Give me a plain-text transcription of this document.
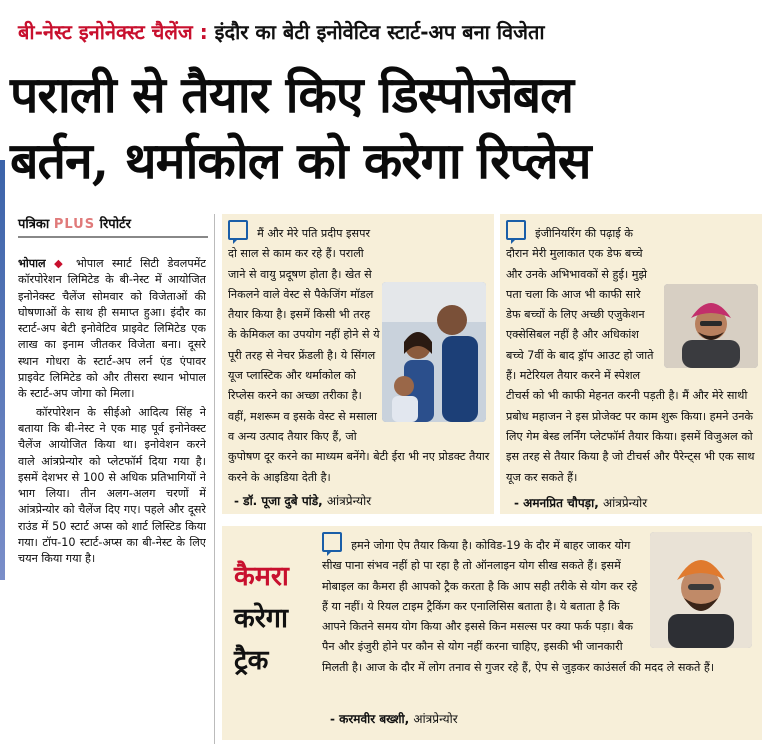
बी-नेस्ट इनोनेक्स्ट चैलेंज : इंदौर का बेटी इनोवेटिव स्टार्ट-अप बना विजेता
पराली से तैयार किए डिस्पोजेबल
बर्तन, थर्माकोल को करेगा रिप्लेस
पत्रिका PLUS रिपोर्टर

भोपाल ◆ भोपाल स्मार्ट सिटी डेवलपमेंट कॉरपोरेशन लिमिटेड के बी-नेस्ट में आयोजित इनोनेक्स्ट चैलेंज सोमवार को विजेताओं की घोषणाओं के साथ ही समाप्त हुआ। इंदौर का स्टार्ट-अप बेटी इनोवेटिव प्राइवेट लिमिटेड एक लाख का इनाम जीतकर विजेता बना। दूसरे स्थान गोधरा के स्टार्ट-अप लर्न एंड एंपावर प्राइवेट लिमिटेड को और तीसरा स्थान भोपाल के स्टार्ट-अप जोगा को मिला।

कॉरपोरेशन के सीईओ आदित्य सिंह ने बताया कि बी-नेस्ट ने एक माह पूर्व इनोनेक्स्ट चैलेंज आयोजित किया था। इनोवेशन करने वाले आंत्रप्रेन्योर को प्लेटफॉर्म दिया गया है। इसमें देशभर से 100 से अधिक प्रतिभागियों ने भाग लिया। तीन अलग-अलग चरणों में आंत्रप्रेन्योर को चैलेंज दिए गए। पहले और दूसरे राउंड में 50 स्टार्ट अप्स को शार्ट लिस्टिड किया गया। टॉप-10 स्टार्ट-अप्स का बी-नेस्ट के लिए चयन किया गया है।

मैं और मेरे पति प्रदीप इसपर दो साल से काम कर रहे हैं। पराली जाने से वायु प्रदूषण होता है। खेत से निकलने वाले वेस्ट से पैकेजिंग मॉडल तैयार किया है। इसमें किसी भी तरह के केमिकल का उपयोग नहीं होने से ये पूरी तरह से नेचर फ्रेंडली है। ये सिंगल यूज प्लास्टिक और थर्माकोल को रिप्लेस करने का अच्छा तरीका है। वहीं, मशरूम व इसके वेस्ट से मसाला व अन्य उत्पाद तैयार किए हैं, जो कुपोषण दूर करने का माध्यम बनेंगे। बेटी ईरा भी नए प्रोडक्ट तैयार करने के आइडिया देती है।
- डॉ. पूजा दुबे पांडे, आंत्रप्रेन्योर
इंजीनियरिंग की पढ़ाई के दौरान मेरी मुलाकात एक डेफ बच्चे और उनके अभिभावकों से हुई। मुझे पता चला कि आज भी काफी सारे डेफ बच्चों के लिए अच्छी एजुकेशन एक्सेसिबल नहीं है और अधिकांश बच्चे 7वीं के बाद ड्रॉप आउट हो जाते हैं। मटेरियल तैयार करने में स्पेशल टीचर्स को भी काफी मेहनत करनी पड़ती है। मैं और मेरे साथी प्रबोध महाजन ने इस प्रोजेक्ट पर काम शुरू किया। हमने उनके लिए गेम बेस्ड लर्निंग प्लेटफॉर्म तैयार किया। इसमें विजुअल को इस तरह से तैयार किया है जो टीचर्स और पैरेन्ट्स भी एक साथ यूज कर सकते हैं।
- अमनप्रित चौपड़ा, आंत्रप्रेन्योर
कैमरा
करेगा
ट्रैक
हमने जोगा ऐप तैयार किया है। कोविड-19 के दौर में बाहर जाकर योग सीख पाना संभव नहीं हो पा रहा है तो ऑनलाइन योग सीख सकते हैं। इसमें मोबाइल का कैमरा ही आपको ट्रैक करता है कि आप सही तरीके से योग कर रहे हैं या नहीं। ये रियल टाइम ट्रैकिंग कर एनालिसिस बताता है। ये बताता है कि आपने कितने समय योग किया और इससे किन मसल्स पर क्या फर्क पड़ा। बैक पैन और इंजुरी होने पर कौन से योग नहीं करना चाहिए, इसकी भी जानकारी मिलती है। आज के दौर में लोग तनाव से गुजर रहे हैं, ऐप से जुड़कर काउंसर्ल की मदद ले सकते हैं।
- करमवीर बख्शी, आंत्रप्रेन्योर
